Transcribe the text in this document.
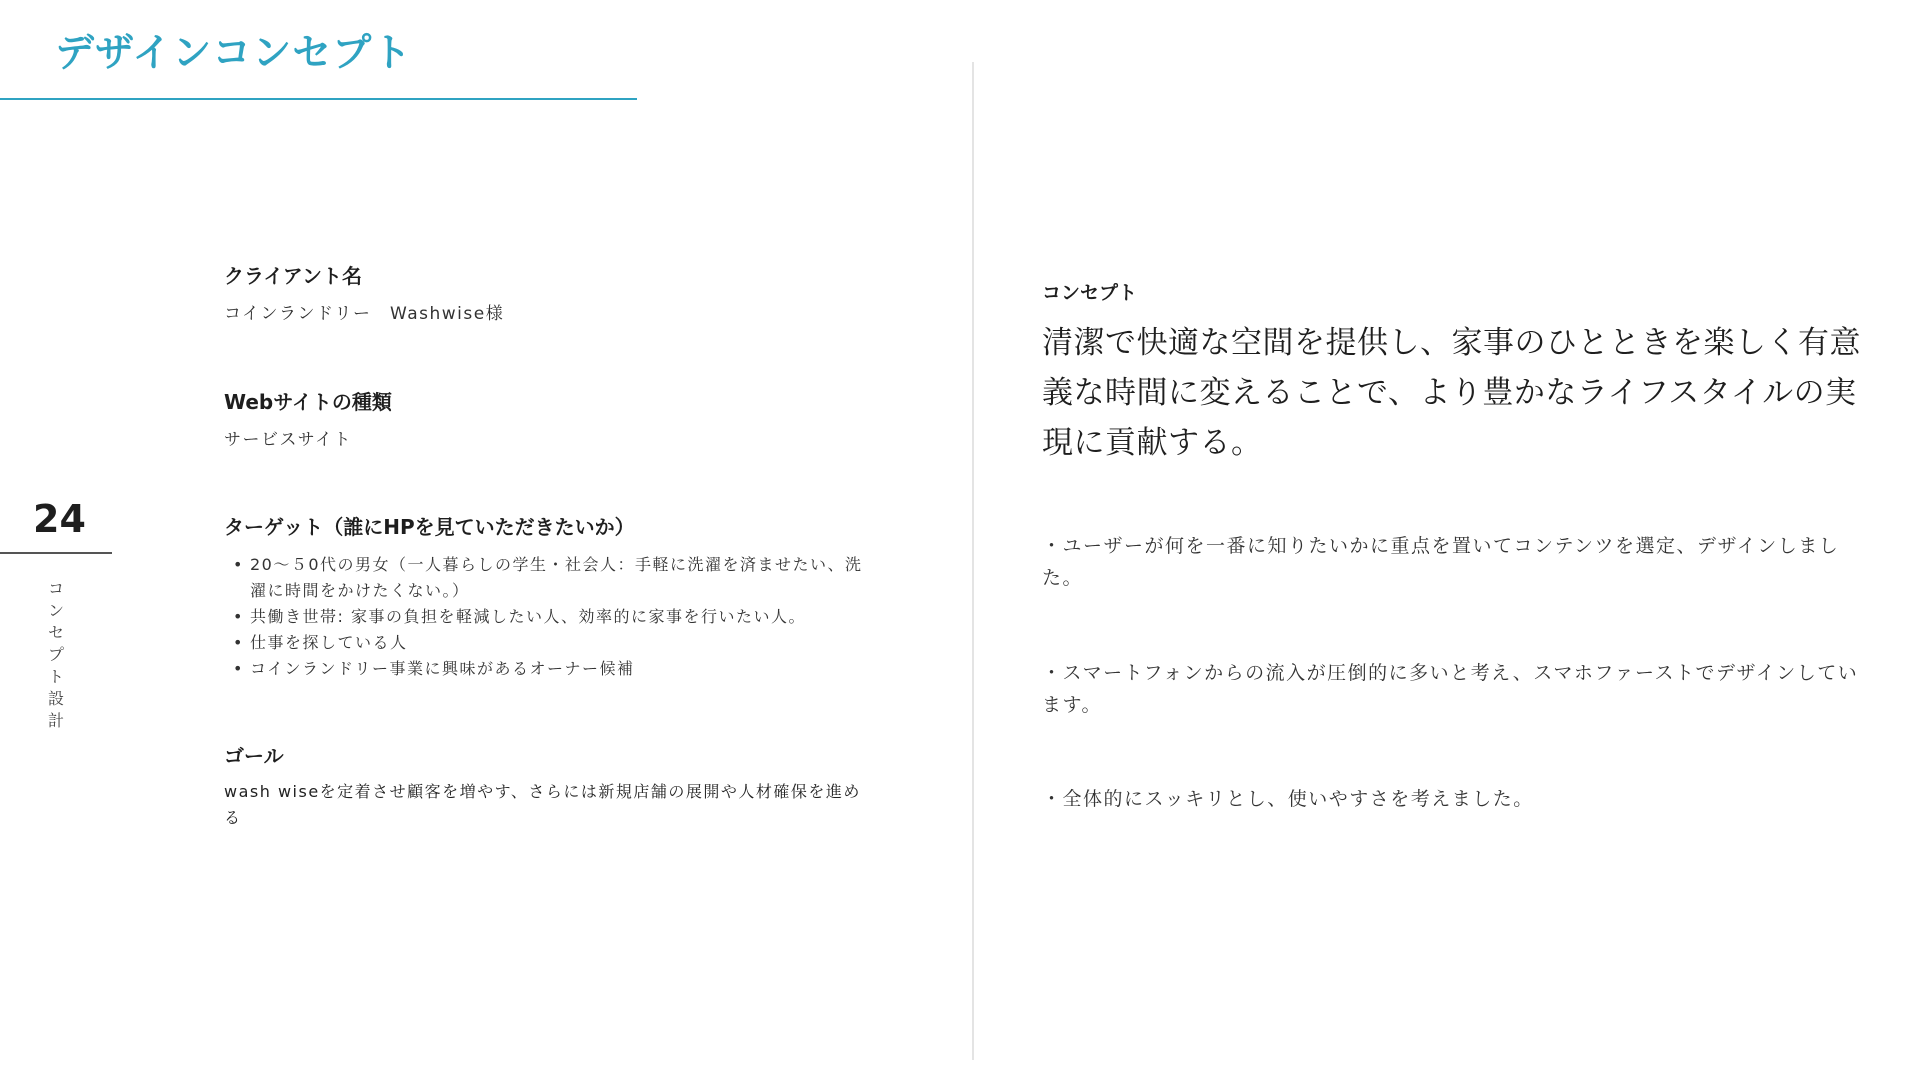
デザインコンセプト
24
コンセプト設計
クライアント名
コインランドリー　Washwise様
Webサイトの種類
サービスサイト
ターゲット（誰にHPを見ていただきたいか）
• 20～５0代の男女（一人暮らしの学生・社会人：手軽に洗濯を済ませたい、洗濯に時間をかけたくない。）
• 共働き世帯: 家事の負担を軽減したい人、効率的に家事を行いたい人。
• 仕事を探している人
• コインランドリー事業に興味があるオーナー候補
ゴール
wash wiseを定着させ顧客を増やす、さらには新規店舗の展開や人材確保を進める
コンセプト
清潔で快適な空間を提供し、家事のひとときを楽しく有意義な時間に変えることで、より豊かなライフスタイルの実現に貢献する。
・ユーザーが何を一番に知りたいかに重点を置いてコンテンツを選定、デザインしました。
・スマートフォンからの流入が圧倒的に多いと考え、スマホファーストでデザインしています。
・全体的にスッキリとし、使いやすさを考えました。
